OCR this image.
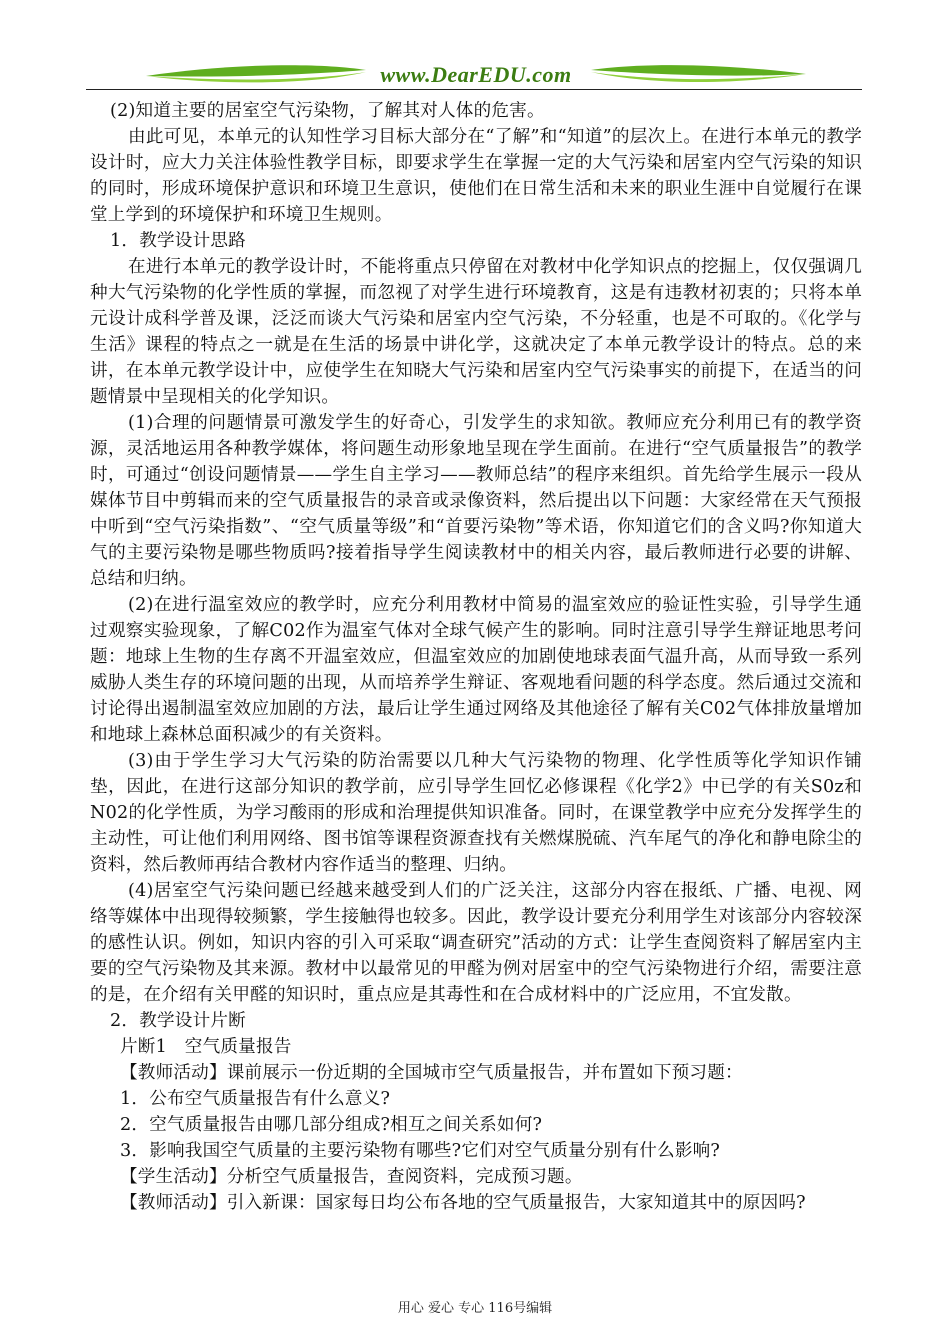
www.DearEDU.com

(2)知道主要的居室空气污染物，了解其对人体的危害。

由此可见，本单元的认知性学习目标大部分在“了解”和“知道”的层次上。在进行本单元的教学设计时，应大力关注体验性教学目标，即要求学生在掌握一定的大气污染和居室内空气污染的知识的同时，形成环境保护意识和环境卫生意识，使他们在日常生活和未来的职业生涯中自觉履行在课堂上学到的环境保护和环境卫生规则。

1．教学设计思路

在进行本单元的教学设计时，不能将重点只停留在对教材中化学知识点的挖掘上，仅仅强调几种大气污染物的化学性质的掌握，而忽视了对学生进行环境教育，这是有违教材初衷的；只将本单元设计成科学普及课，泛泛而谈大气污染和居室内空气污染，不分轻重，也是不可取的。《化学与生活》课程的特点之一就是在生活的场景中讲化学，这就决定了本单元教学设计的特点。总的来讲，在本单元教学设计中，应使学生在知晓大气污染和居室内空气污染事实的前提下，在适当的问题情景中呈现相关的化学知识。

(1)合理的问题情景可激发学生的好奇心，引发学生的求知欲。教师应充分利用已有的教学资源，灵活地运用各种教学媒体，将问题生动形象地呈现在学生面前。在进行“空气质量报告”的教学时，可通过“创设问题情景——学生自主学习——教师总结”的程序来组织。首先给学生展示一段从媒体节目中剪辑而来的空气质量报告的录音或录像资料，然后提出以下问题：大家经常在天气预报中听到“空气污染指数”、“空气质量等级”和“首要污染物”等术语，你知道它们的含义吗?你知道大气的主要污染物是哪些物质吗?接着指导学生阅读教材中的相关内容，最后教师进行必要的讲解、总结和归纳。

(2)在进行温室效应的教学时，应充分利用教材中简易的温室效应的验证性实验，引导学生通过观察实验现象，了解C02作为温室气体对全球气候产生的影响。同时注意引导学生辩证地思考问题：地球上生物的生存离不开温室效应，但温室效应的加剧使地球表面气温升高，从而导致一系列威胁人类生存的环境问题的出现，从而培养学生辩证、客观地看问题的科学态度。然后通过交流和讨论得出遏制温室效应加剧的方法，最后让学生通过网络及其他途径了解有关C02气体排放量增加和地球上森林总面积减少的有关资料。

(3)由于学生学习大气污染的防治需要以几种大气污染物的物理、化学性质等化学知识作铺垫，因此，在进行这部分知识的教学前，应引导学生回忆必修课程《化学2》中已学的有关S0z和N02的化学性质，为学习酸雨的形成和治理提供知识准备。同时，在课堂教学中应充分发挥学生的主动性，可让他们利用网络、图书馆等课程资源查找有关燃煤脱硫、汽车尾气的净化和静电除尘的资料，然后教师再结合教材内容作适当的整理、归纳。

(4)居室空气污染问题已经越来越受到人们的广泛关注，这部分内容在报纸、广播、电视、网络等媒体中出现得较频繁，学生接触得也较多。因此，教学设计要充分利用学生对该部分内容较深的感性认识。例如，知识内容的引入可采取“调查研究”活动的方式：让学生查阅资料了解居室内主要的空气污染物及其来源。教材中以最常见的甲醛为例对居室中的空气污染物进行介绍，需要注意的是，在介绍有关甲醛的知识时，重点应是其毒性和在合成材料中的广泛应用，不宜发散。

2．教学设计片断

片断1　空气质量报告

【教师活动】课前展示一份近期的全国城市空气质量报告，并布置如下预习题：

1．公布空气质量报告有什么意义?

2．空气质量报告由哪几部分组成?相互之间关系如何?

3．影响我国空气质量的主要污染物有哪些?它们对空气质量分别有什么影响?

【学生活动】分析空气质量报告，查阅资料，完成预习题。

【教师活动】引入新课：国家每日均公布各地的空气质量报告，大家知道其中的原因吗?

用心 爱心 专心 116号编辑
